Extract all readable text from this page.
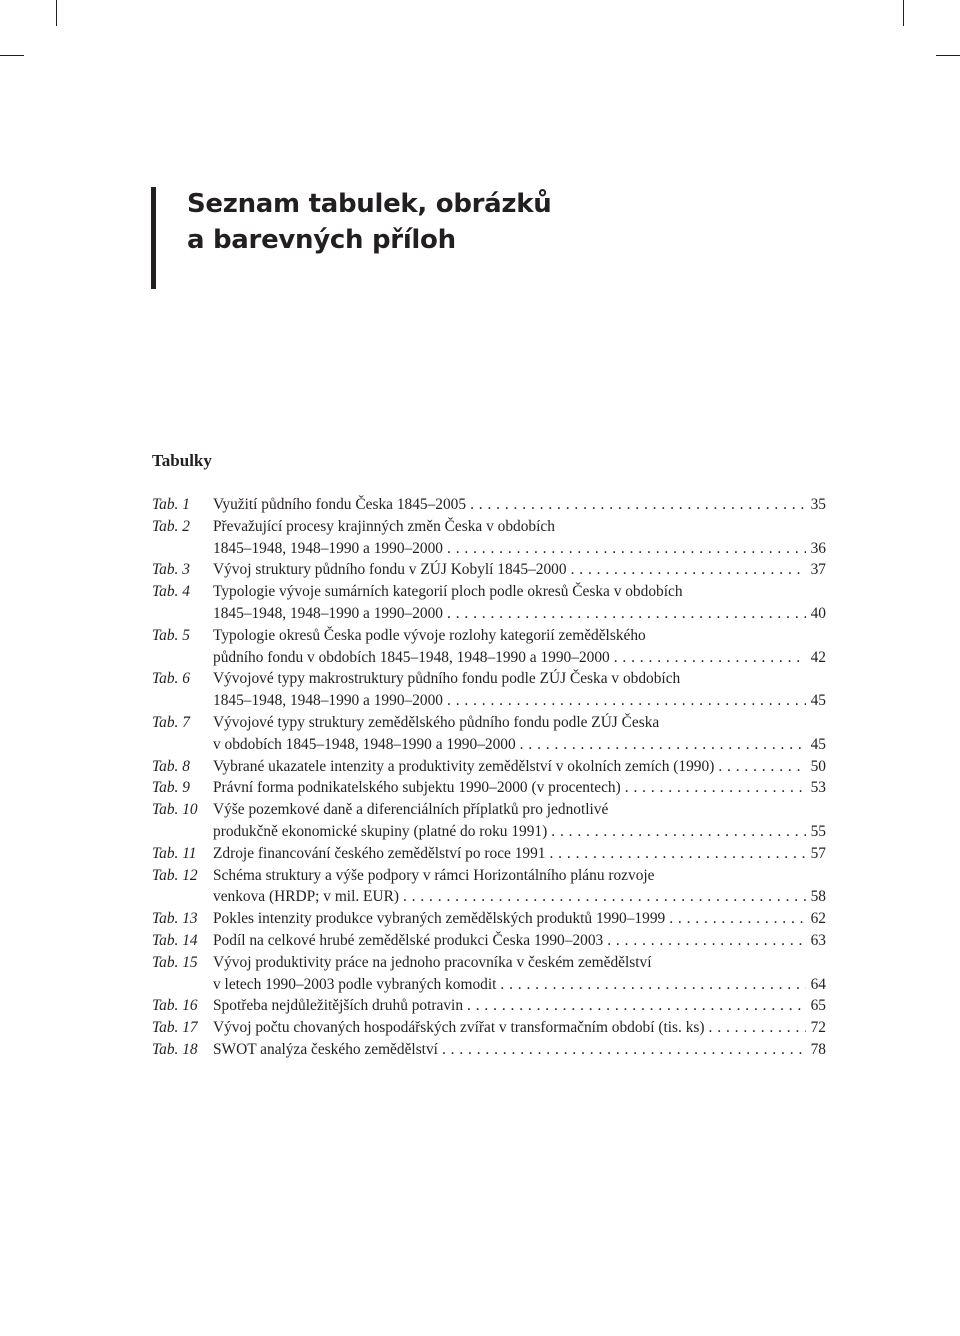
Seznam tabulek, obrázků
a barevných příloh
Tabulky
Tab. 1	Využití půdního fondu Česka 1845–2005 . . .	35
Tab. 2	Převažující procesy krajinných změn Česka v obdobích
1845–1948, 1948–1990 a 1990–2000 . . .	36
Tab. 3	Vývoj struktury půdního fondu v ZÚJ Kobylí 1845–2000 . . .	37
Tab. 4	Typologie vývoje sumárních kategorií ploch podle okresů Česka v obdobích
1845–1948, 1948–1990 a 1990–2000 . . .	40
Tab. 5	Typologie okresů Česka podle vývoje rozlohy kategorií zemědělského
půdního fondu v obdobích 1845–1948, 1948–1990 a 1990–2000 . . .	42
Tab. 6	Vývojové typy makrostruktury půdního fondu podle ZÚJ Česka v obdobích
1845–1948, 1948–1990 a 1990–2000 . . .	45
Tab. 7	Vývojové typy struktury zemědělského půdního fondu podle ZÚJ Česka
v obdobích 1845–1948, 1948–1990 a 1990–2000 . . .	45
Tab. 8	Vybrané ukazatele intenzity a produktivity zemědělství v okolních zemích (1990) . . .	50
Tab. 9	Právní forma podnikatelského subjektu 1990–2000 (v procentech) . . .	53
Tab. 10 Výše pozemkové daně a diferenciálních příplatků pro jednotlivé
produkčně ekonomické skupiny (platné do roku 1991) . . .	55
Tab. 11	Zdroje financování českého zemědělství po roce 1991 . . .	57
Tab. 12 Schéma struktury a výše podpory v rámci Horizontálního plánu rozvoje
venkova (HRDP; v mil. EUR) . . .	58
Tab. 13 Pokles intenzity produkce vybraných zemědělských produktů 1990–1999 . . .	62
Tab. 14 Podíl na celkové hrubé zemědělské produkci Česka 1990–2003 . . .	63
Tab. 15 Vývoj produktivity práce na jednoho pracovníka v českém zemědělství
v letech 1990–2003 podle vybraných komodit . . .	64
Tab. 16 Spotřeba nejdůležitějších druhů potravin . . .	65
Tab. 17 Vývoj počtu chovaných hospodářských zvířat v transformačním období (tis. ks) . . .	72
Tab. 18 SWOT analýza českého zemědělství . . .	78
